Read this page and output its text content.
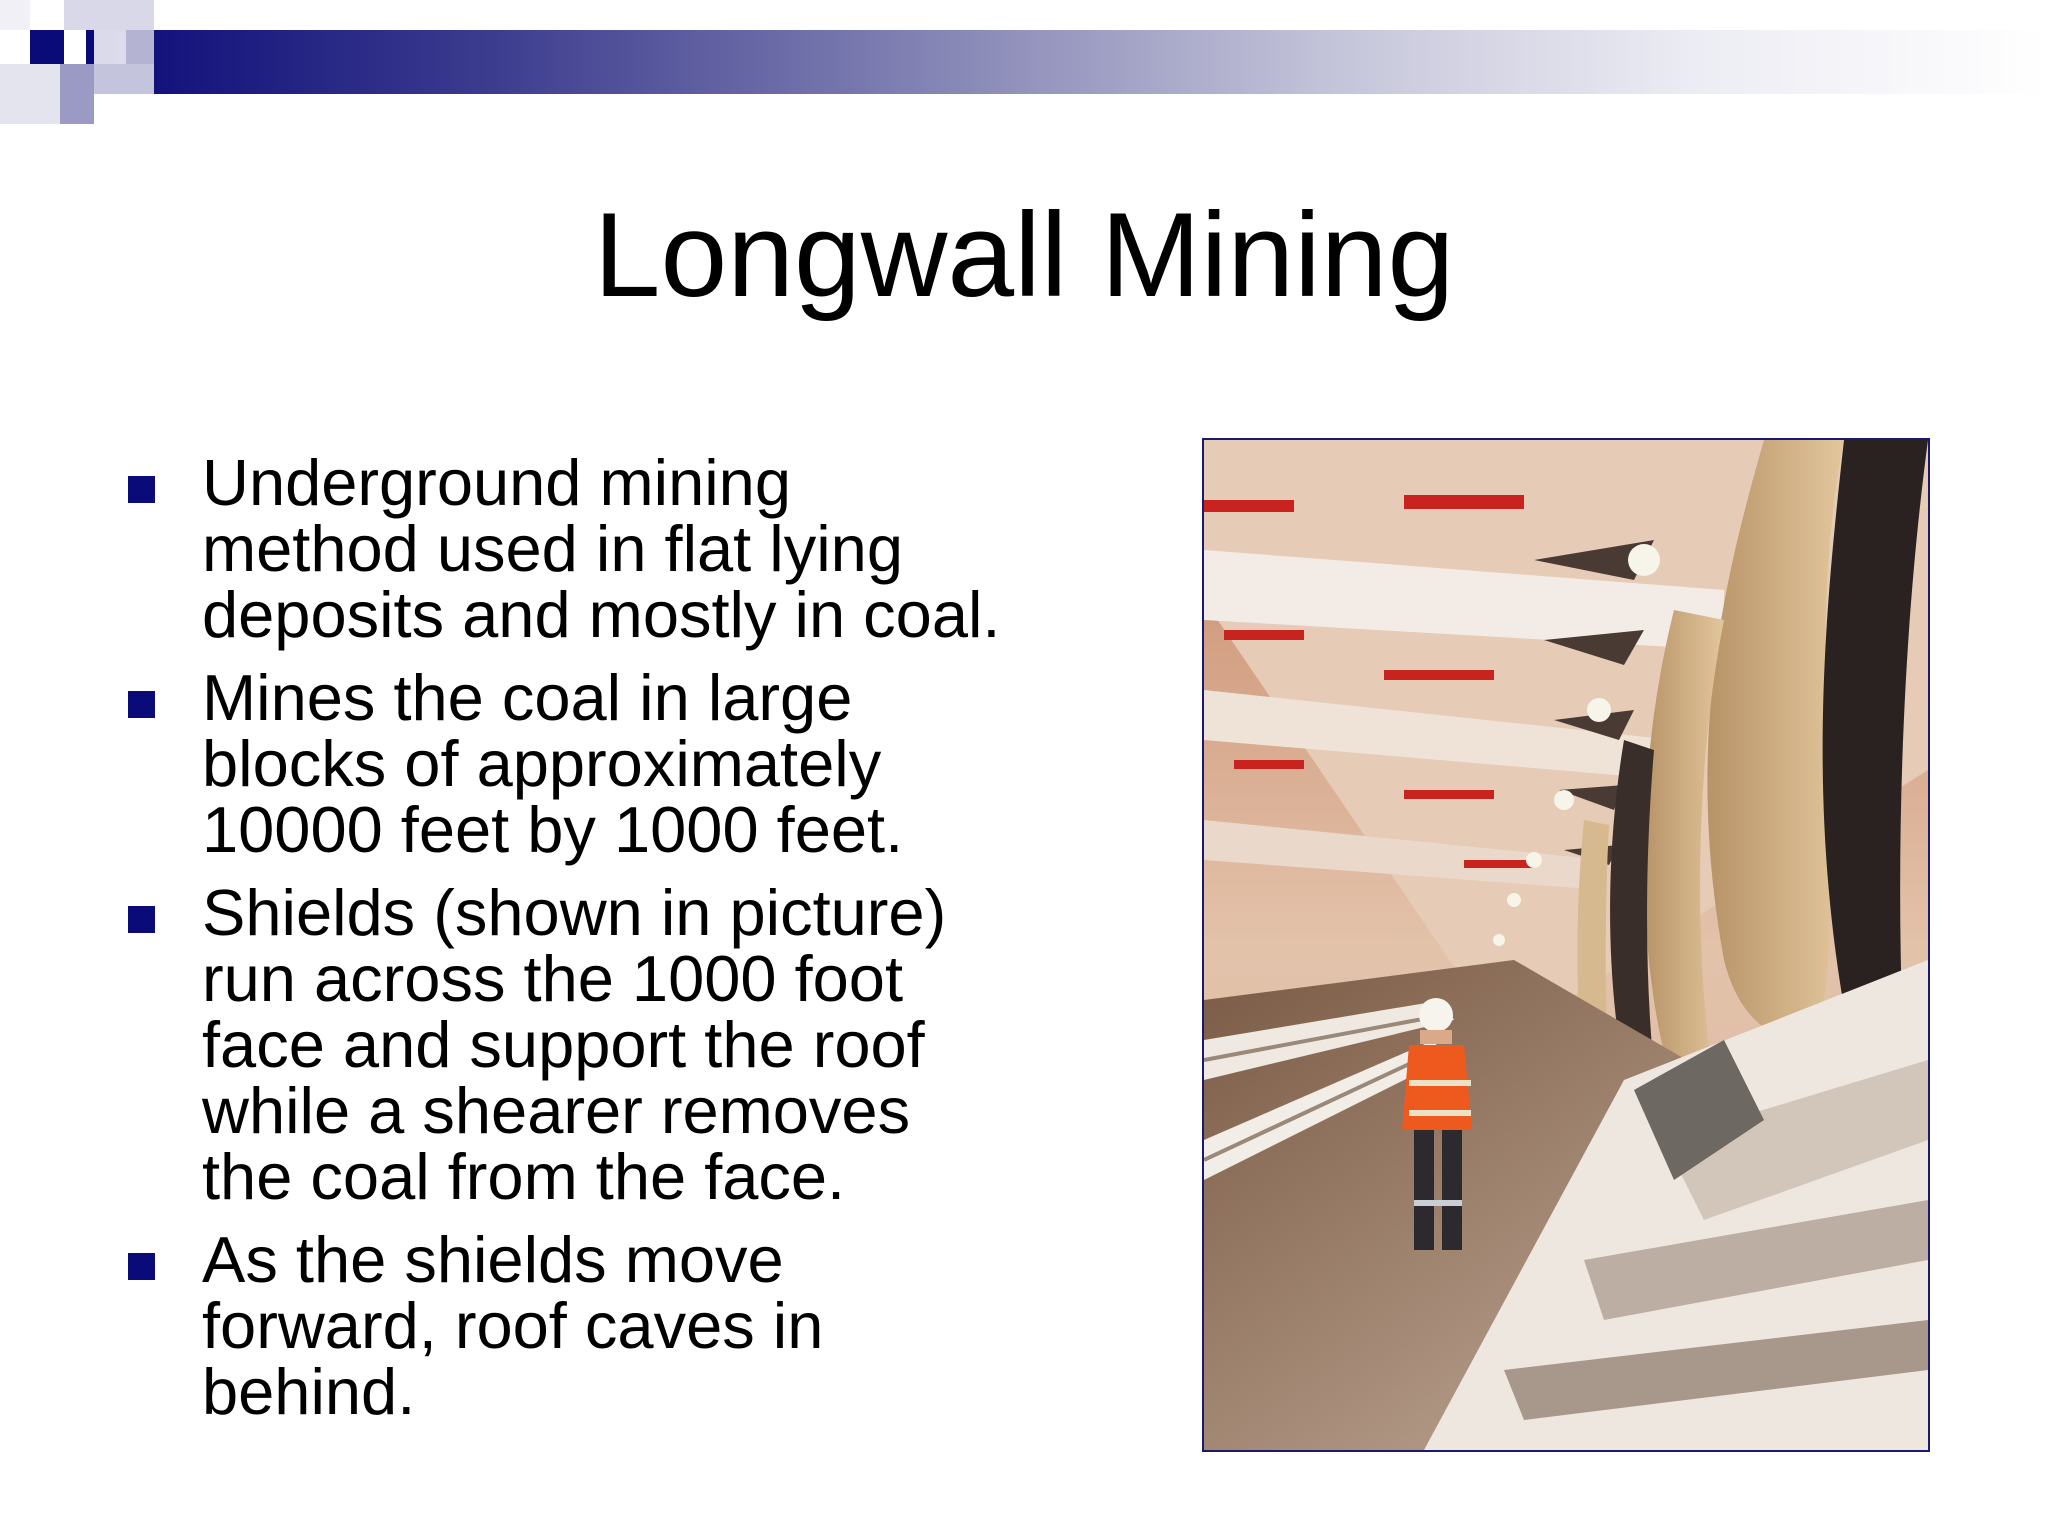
Longwall Mining
Underground mining
method used in flat lying
deposits and mostly in coal.
Mines the coal in large
blocks of approximately
10000 feet by 1000 feet.
Shields (shown in picture)
run across the 1000 foot
face and support the roof
while a shearer removes
the coal from the face.
As the shields move
forward, roof caves in
behind.
